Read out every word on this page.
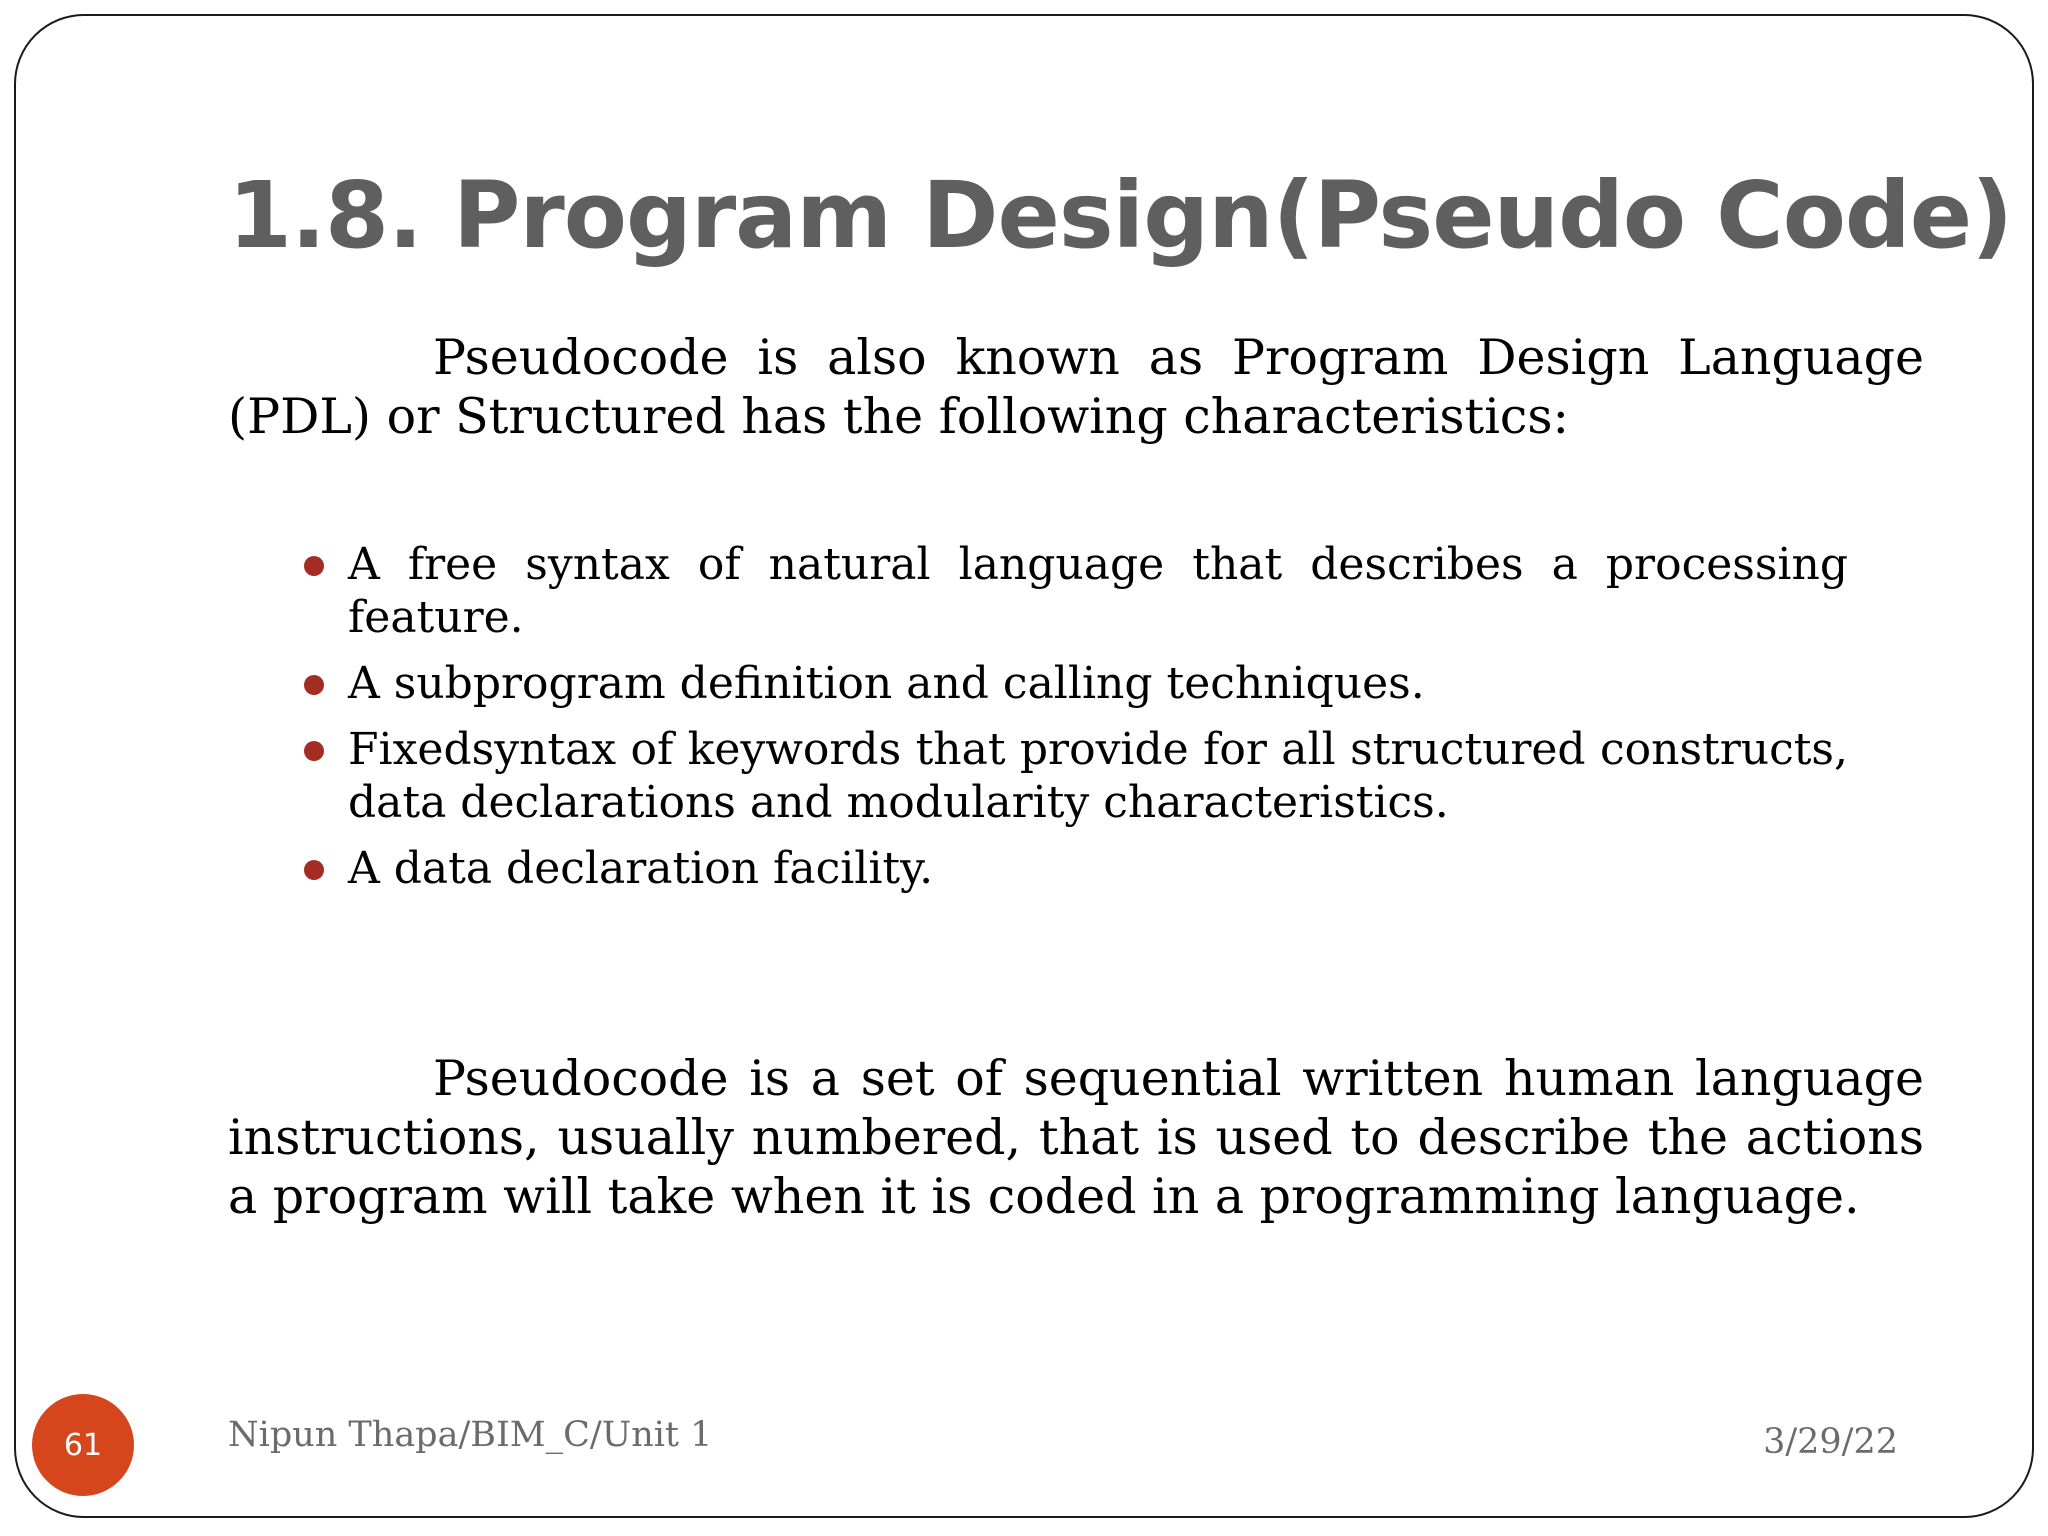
1.8. Program Design(Pseudo Code)

Pseudocode is also known as Program Design Language (PDL) or Structured has the following characteristics:

A free syntax of natural language that describes a processing feature.
A subprogram definition and calling techniques.
Fixedsyntax of keywords that provide for all structured constructs, data declarations and modularity characteristics.
A data declaration facility.

Pseudocode is a set of sequential written human language instructions, usually numbered, that is used to describe the actions a program will take when it is coded in a programming language.

61	Nipun Thapa/BIM_C/Unit 1	3/29/22
